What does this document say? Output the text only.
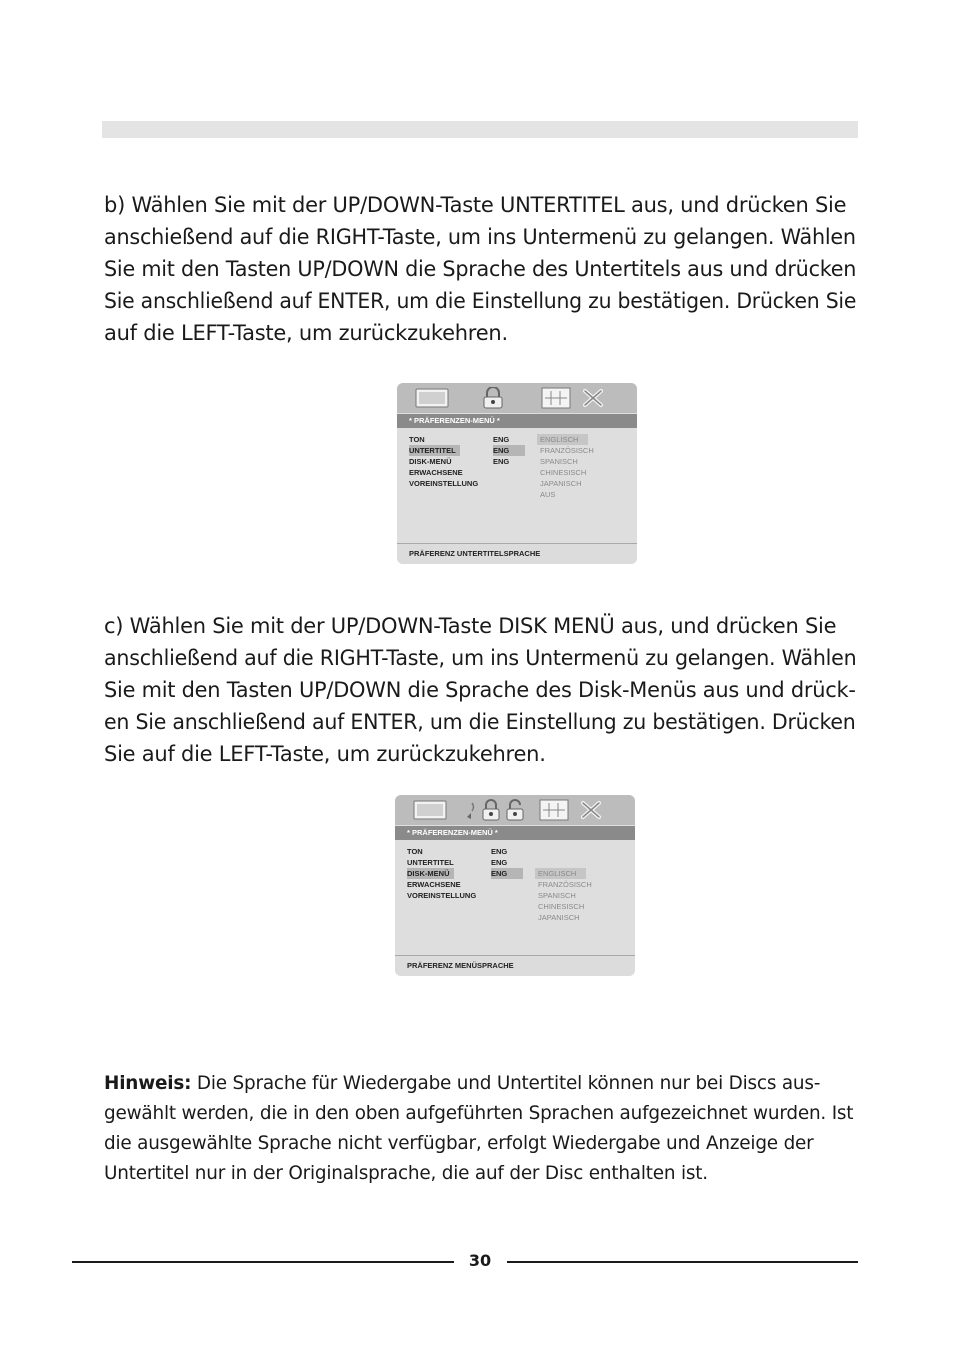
b) Wählen Sie mit der UP/DOWN-Taste UNTERTITEL aus, und drücken Sie
anschießend auf die RIGHT-Taste, um ins Untermenü zu gelangen. Wählen
Sie mit den Tasten UP/DOWN die Sprache des Untertitels aus und drücken
Sie anschließend auf ENTER, um die Einstellung zu bestätigen. Drücken Sie
auf die LEFT-Taste, um zurückzukehren.

* PRÄFERENZEN-MENÜ *
TON
UNTERTITEL
DISK-MENÜ
ERWACHSENE
VOREINSTELLUNG
ENG
ENG
ENG
ENGLISCH
FRANZÖSISCH
SPANISCH
CHINESISCH
JAPANISCH
AUS
PRÄFERENZ UNTERTITELSPRACHE

c) Wählen Sie mit der UP/DOWN-Taste DISK MENÜ aus, und drücken Sie
anschließend auf die RIGHT-Taste, um ins Untermenü zu gelangen. Wählen
Sie mit den Tasten UP/DOWN die Sprache des Disk-Menüs aus und drück-
en Sie anschließend auf ENTER, um die Einstellung zu bestätigen. Drücken
Sie auf die LEFT-Taste, um zurückzukehren.

* PRÄFERENZEN-MENÜ *
TON
UNTERTITEL
DISK-MENÜ
ERWACHSENE
VOREINSTELLUNG
ENG
ENG
ENG	ENGLISCH
FRANZÖSISCH
SPANISCH
CHINESISCH
JAPANISCH
PRÄFERENZ MENÜSPRACHE

Hinweis: Die Sprache für Wiedergabe und Untertitel können nur bei Discs aus-
gewählt werden, die in den oben aufgeführten Sprachen aufgezeichnet wurden. Ist
die ausgewählte Sprache nicht verfügbar, erfolgt Wiedergabe und Anzeige der
Untertitel nur in der Originalsprache, die auf der Disc enthalten ist.

30
